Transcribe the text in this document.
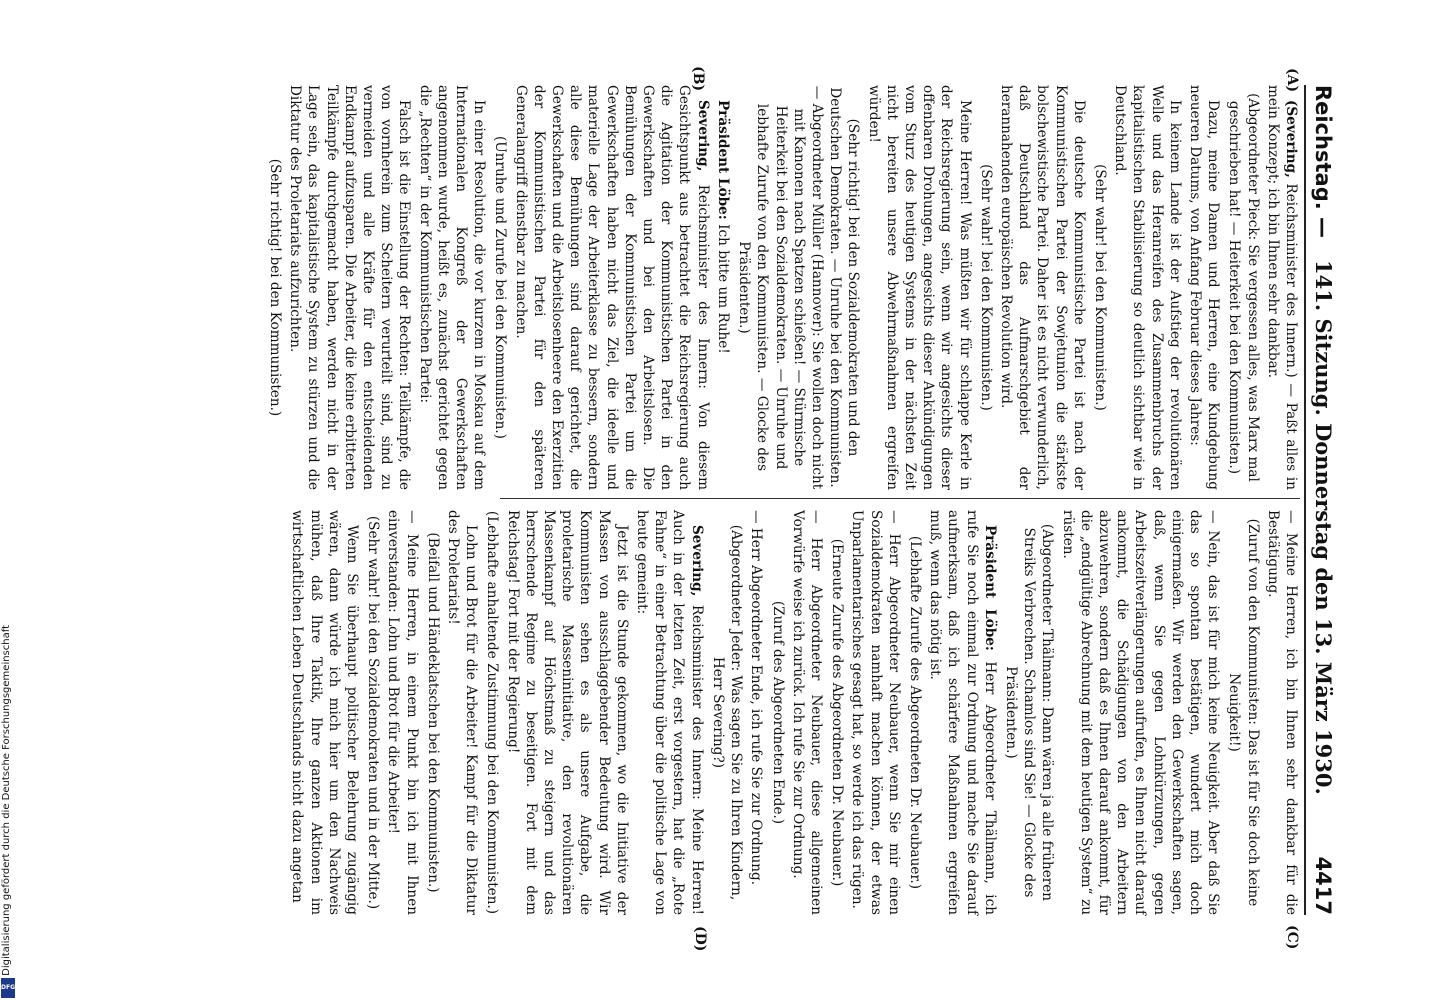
Reichstag. —
141. Sitzung. Donnerstag den 13. März 1930.
4417
(A)
(B)
(C)
(D)

(Severing, Reichsminister des Innern.) — Paßt alles in mein Konzept; ich bin Ihnen sehr dankbar.

(Abgeordneter Pieck: Sie vergessen alles, was Marx mal geschrieben hat! — Heiterkeit bei den Kommunisten.)

Dazu, meine Damen und Herren, eine Kundgebung neueren Datums, von Anfang Februar dieses Jahres:

In keinem Lande ist der Aufstieg der revolutionären Welle und das Heranreifen des Zusammenbruchs der kapitalistischen Stabilisierung so deutlich sichtbar wie in Deutschland.

(Sehr wahr! bei den Kommunisten.)

Die deutsche Kommunistische Partei ist nach der Kommunistischen Partei der Sowjetunion die stärkste bolschewistische Partei. Daher ist es nicht verwunderlich, daß Deutschland das Aufmarschgebiet der herannahenden europäischen Revolution wird.

(Sehr wahr! bei den Kommunisten.)

Meine Herren! Was müßten wir für schlappe Kerle in der Reichsregierung sein, wenn wir angesichts dieser offenbaren Drohungen, angesichts dieser Ankündigungen vom Sturz des heutigen Systems in der nächsten Zeit nicht bereiten unsere Abwehrmaßnahmen ergreifen würden!

(Sehr richtig! bei den Sozialdemokraten und den Deutschen Demokraten. — Unruhe bei den Kommunisten. — Abgeordneter Müller (Hannover): Sie wollen doch nicht mit Kanonen nach Spatzen schießen! — Stürmische Heiterkeit bei den Sozialdemokraten. — Unruhe und lebhafte Zurufe von den Kommunisten. — Glocke des Präsidenten.)

Präsident Löbe: Ich bitte um Ruhe!

Severing, Reichsminister des Innern: Von diesem Gesichtspunkt aus betrachtet die Reichsregierung auch die Agitation der Kommunistischen Partei in den Gewerkschaften und bei den Arbeitslosen. Die Bemühungen der Kommunistischen Partei um die Gewerkschaften haben nicht das Ziel, die ideelle und materielle Lage der Arbeiterklasse zu bessern, sondern alle diese Bemühungen sind darauf gerichtet, die Gewerkschaften und die Arbeitslosenheere den Exerzitien der Kommunistischen Partei für den späteren Generalangriff dienstbar zu machen.

(Unruhe und Zurufe bei den Kommunisten.)

In einer Resolution, die vor kurzem in Moskau auf dem Internationalen Kongreß der Gewerkschaften angenommen wurde, heißt es, zunächst gerichtet gegen die „Rechten“ in der Kommunistischen Partei:

Falsch ist die Einstellung der Rechten: Teilkämpfe, die von vornherein zum Scheitern verurteilt sind, sind zu vermeiden und alle Kräfte für den entscheidenden Endkampf aufzusparen. Die Arbeiter, die keine erbitterten Teilkämpfe durchgemacht haben, werden nicht in der Lage sein, das kapitalistische System zu stürzen und die Diktatur des Proletariats aufzurichten.

(Sehr richtig! bei den Kommunisten.)

— Meine Herren, ich bin Ihnen sehr dankbar für die Bestätigung.

(Zuruf von den Kommunisten: Das ist für Sie doch keine Neuigkeit!)

— Nein, das ist für mich keine Neuigkeit. Aber daß Sie das so spontan bestätigen, wundert mich doch einigermaßen. Wir werden den Gewerkschaften sagen, daß, wenn Sie gegen Lohnkürzungen, gegen Arbeitszeitverlängerungen aufrufen, es Ihnen nicht darauf ankommt, die Schädigungen von den Arbeitern abzuwehren, sondern daß es Ihnen darauf ankommt, für die „endgültige Abrechnung mit dem heutigen System“ zu rüsten.

(Abgeordneter Thälmann: Dann wären ja alle früheren Streiks Verbrechen. Schamlos sind Sie! — Glocke des Präsidenten.)

Präsident Löbe: Herr Abgeordneter Thälmann, ich rufe Sie noch einmal zur Ordnung und mache Sie darauf aufmerksam, daß ich schärfere Maßnahmen ergreifen muß, wenn das nötig ist.

(Lebhafte Zurufe des Abgeordneten Dr. Neubauer.)

— Herr Abgeordneter Neubauer, wenn Sie mir einen Sozialdemokraten namhaft machen können, der etwas Unparlamentarisches gesagt hat, so werde ich das rügen.

(Erneute Zurufe des Abgeordneten Dr. Neubauer.)

— Herr Abgeordneter Neubauer, diese allgemeinen Vorwürfe weise ich zurück. Ich rufe Sie zur Ordnung.

(Zuruf des Abgeordneten Ende.)

— Herr Abgeordneter Ende, ich rufe Sie zur Ordnung.

(Abgeordneter Jeder: Was sagen Sie zu Ihren Kindern, Herr Severing?)

Severing, Reichsminister des Innern: Meine Herren! Auch in der letzten Zeit, erst vorgestern, hat die „Rote Fahne“ in einer Betrachtung über die politische Lage von heute gemeint:

Jetzt ist die Stunde gekommen, wo die Initiative der Massen von ausschlaggebender Bedeutung wird. Wir Kommunisten sehen es als unsere Aufgabe, die proletarische Masseninitiative, den revolutionären Massenkampf auf Höchstmaß zu steigern und das herrschende Regime zu beseitigen. Fort mit dem Reichstag! Fort mit der Regierung!

(Lebhafte anhaltende Zustimmung bei den Kommunisten.)

Lohn und Brot für die Arbeiter! Kampf für die Diktatur des Proletariats!

(Beifall und Händeklatschen bei den Kommunisten.)

— Meine Herren, in einem Punkt bin ich mit Ihnen einverstanden: Lohn und Brot für die Arbeiter!

(Sehr wahr! bei den Sozialdemokraten und in der Mitte.)

Wenn Sie überhaupt politischer Belehrung zugängig wären, dann würde ich mich hier um den Nachweis mühen, daß Ihre Taktik, Ihre ganzen Aktionen im wirtschaftlichen Leben Deutschlands nicht dazu angetan

Digitalisierung gefördert durch die Deutsche Forschungsgemeinschaft
DFG
